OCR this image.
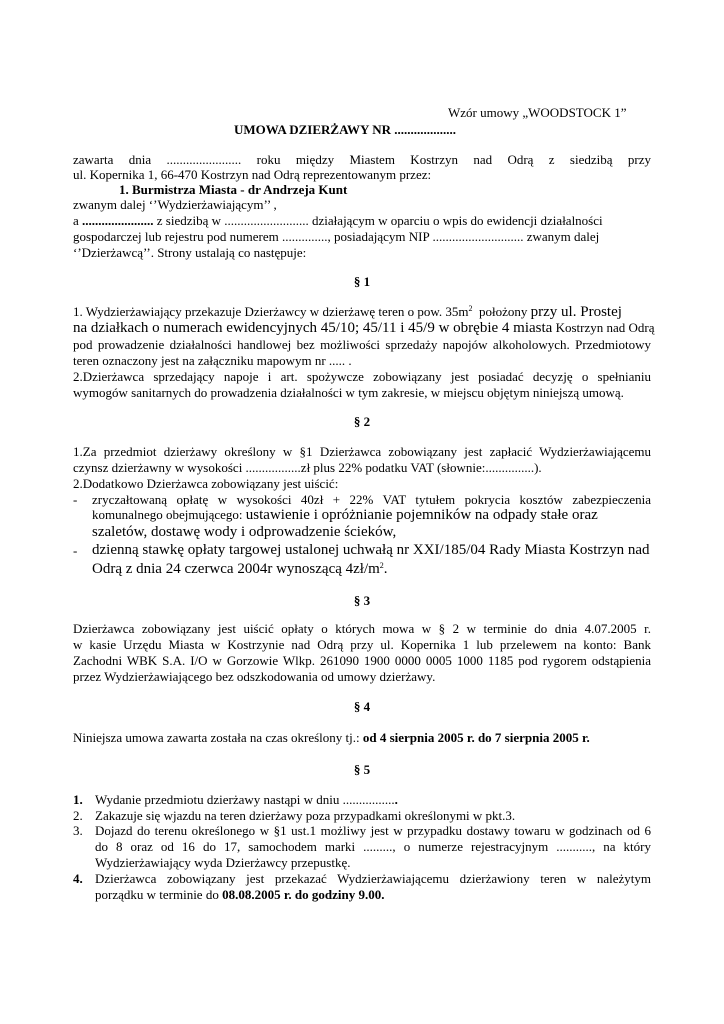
Wzór umowy „WOODSTOCK 1”
UMOWA DZIERŻAWY NR ...................
zawarta dnia ....................... roku między Miastem Kostrzyn nad Odrą z siedzibą przy
ul. Kopernika 1, 66-470 Kostrzyn nad Odrą reprezentowanym przez:
1. Burmistrza Miasta - dr Andrzeja Kunt
zwanym dalej ‘’Wydzierżawiającym’’ ,
a ...................... z siedzibą w .......................... działającym w oparciu o wpis do ewidencji działalności
gospodarczej lub rejestru pod numerem .............., posiadającym NIP ............................ zwanym dalej
‘’Dzierżawcą’’. Strony ustalają co następuje:
§ 1
1. Wydzierżawiający przekazuje Dzierżawcy w dzierżawę teren o pow. $35m^2$ położony przy ul. Prostej
na działkach o numerach ewidencyjnych 45/10; 45/11 i 45/9 w obrębie 4 miasta Kostrzyn nad Odrą
pod prowadzenie działalności handlowej bez możliwości sprzedaży napojów alkoholowych. Przedmiotowy
teren oznaczony jest na załączniku mapowym nr ..... .
2.Dzierżawca sprzedający napoje i art. spożywcze zobowiązany jest posiadać decyzję o spełnianiu
wymogów sanitarnych do prowadzenia działalności w tym zakresie, w miejscu objętym niniejszą umową.
§ 2
1.Za przedmiot dzierżawy określony w §1 Dzierżawca zobowiązany jest zapłacić Wydzierżawiającemu
czynsz dzierżawny w wysokości .................zł plus 22% podatku VAT (słownie:...............).
2.Dodatkowo Dzierżawca zobowiązany jest uiścić:
- zryczałtowaną opłatę w wysokości 40zł + 22% VAT tytułem pokrycia kosztów zabezpieczenia
komunalnego obejmującego: ustawienie i opróżnianie pojemników na odpady stałe oraz
szaletów, dostawę wody i odprowadzenie ścieków,
- dzienną stawkę opłaty targowej ustalonej uchwałą nr XXI/185/04 Rady Miasta Kostrzyn nad
Odrą z dnia 24 czerwca 2004r wynoszącą $4zł/m^2$.
§ 3
Dzierżawca zobowiązany jest uiścić opłaty o których mowa w § 2 w terminie do dnia 4.07.2005 r.
w kasie Urzędu Miasta w Kostrzynie nad Odrą przy ul. Kopernika 1 lub przelewem na konto: Bank
Zachodni WBK S.A. I/O w Gorzowie Wlkp. 261090 1900 0000 0005 1000 1185 pod rygorem odstąpienia
przez Wydzierżawiającego bez odszkodowania od umowy dzierżawy.
§ 4
Niniejsza umowa zawarta została na czas określony tj.: od 4 sierpnia 2005 r. do 7 sierpnia 2005 r.
§ 5
1. Wydanie przedmiotu dzierżawy nastąpi w dniu .................
2. Zakazuje się wjazdu na teren dzierżawy poza przypadkami określonymi w pkt.3.
3. Dojazd do terenu określonego w §1 ust.1 możliwy jest w przypadku dostawy towaru w godzinach od 6
do 8 oraz od 16 do 17, samochodem marki ........., o numerze rejestracyjnym ..........., na który
Wydzierżawiający wyda Dzierżawcy przepustkę.
4. Dzierżawca zobowiązany jest przekazać Wydzierżawiającemu dzierżawiony teren w należytym
porządku w terminie do 08.08.2005 r. do godziny 9.00.
